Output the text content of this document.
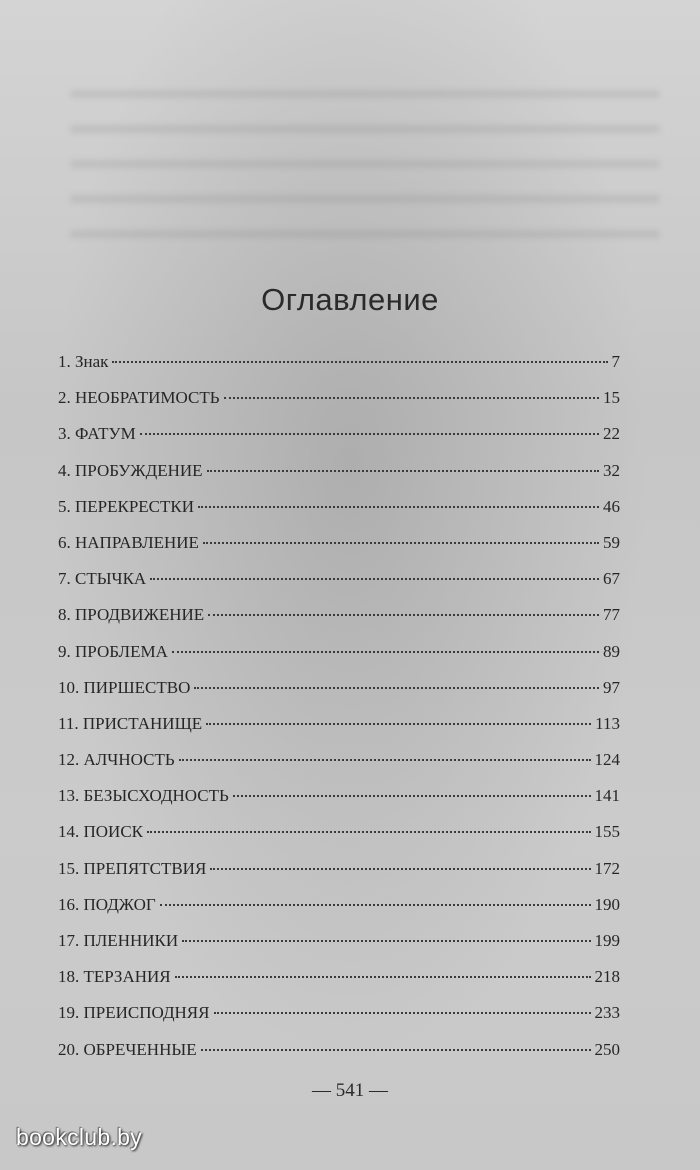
Оглавление
1. Знак	7
2. НЕОБРАТИМОСТЬ	15
3. ФАТУМ	22
4. ПРОБУЖДЕНИЕ	32
5. ПЕРЕКРЕСТКИ	46
6. НАПРАВЛЕНИЕ	59
7. СТЫЧКА	67
8. ПРОДВИЖЕНИЕ	77
9. ПРОБЛЕМА	89
10. ПИРШЕСТВО	97
11. ПРИСТАНИЩЕ	113
12. АЛЧНОСТЬ	124
13. БЕЗЫСХОДНОСТЬ	141
14. ПОИСК	155
15. ПРЕПЯТСТВИЯ	172
16. ПОДЖОГ	190
17. ПЛЕННИКИ	199
18. ТЕРЗАНИЯ	218
19. ПРЕИСПОДНЯЯ	233
20. ОБРЕЧЕННЫЕ	250
— 541 —
bookclub.by
